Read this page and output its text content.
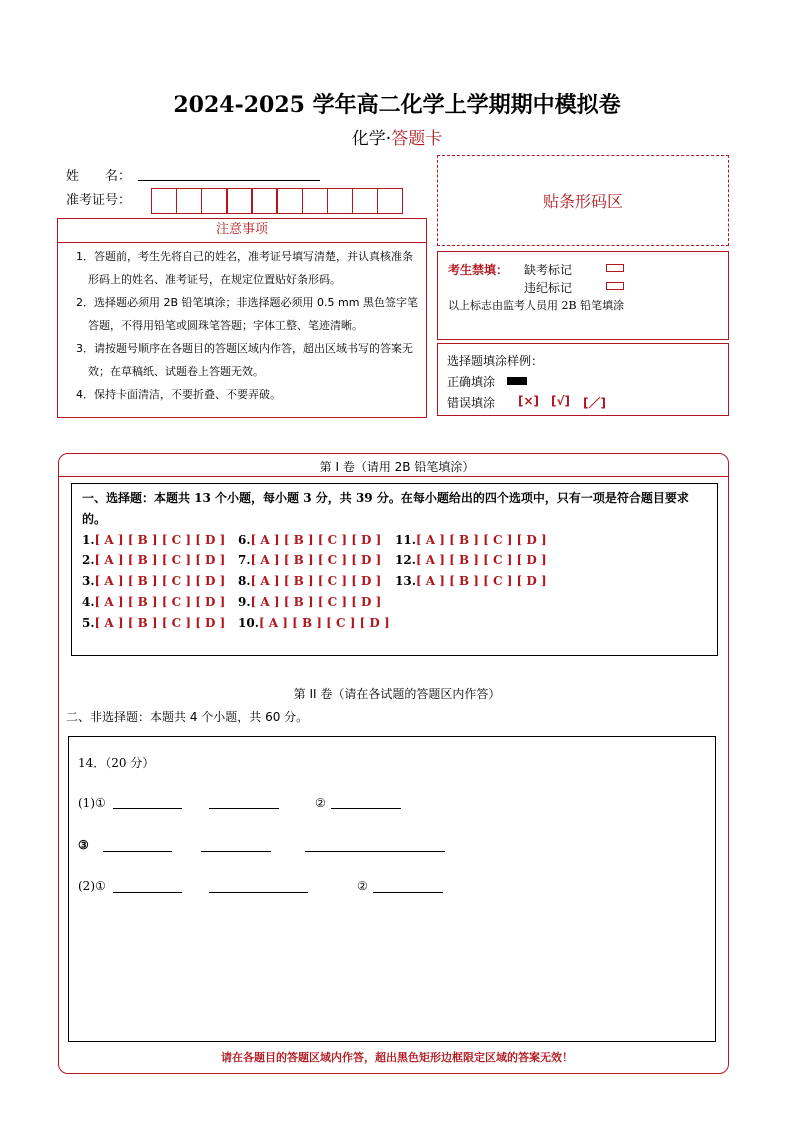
2024-2025 学年高二化学上学期期中模拟卷
化学·答题卡
姓　　名：
准考证号：	贴条形码区
注意事项

1．答题前，考生先将自己的姓名，准考证号填写清楚，并认真核准条形码上的姓名、准考证号，在规定位置贴好条形码。

2．选择题必须用 2B 铅笔填涂；非选择题必须用 0.5 mm 黑色签字笔答题，不得用铅笔或圆珠笔答题；字体工整、笔迹清晰。

3．请按题号顺序在各题目的答题区域内作答，超出区域书写的答案无效；在草稿纸、试题卷上答题无效。

4．保持卡面清洁，不要折叠、不要弄破。

考生禁填： 缺考标记
违纪标记
以上标志由监考人员用 2B 铅笔填涂
选择题填涂样例：
正确填涂
错误填涂 [×] [√] [／]
第 I 卷（请用 2B 铅笔填涂）
一、选择题：本题共 13 个小题，每小题 3 分，共 39 分。在每小题给出的四个选项中，只有一项是符合题目要求的。
1.[ A ] [ B ] [ C ] [ D ]
2.[ A ] [ B ] [ C ] [ D ]
3.[ A ] [ B ] [ C ] [ D ]
4.[ A ] [ B ] [ C ] [ D ]
5.[ A ] [ B ] [ C ] [ D ]
6.[ A ] [ B ] [ C ] [ D ]
7.[ A ] [ B ] [ C ] [ D ]
8.[ A ] [ B ] [ C ] [ D ]
9.[ A ] [ B ] [ C ] [ D ]
10.[ A ] [ B ] [ C ] [ D ]
11.[ A ] [ B ] [ C ] [ D ]
12.[ A ] [ B ] [ C ] [ D ]
13.[ A ] [ B ] [ C ] [ D ]
第 II 卷（请在各试题的答题区内作答）
二、非选择题：本题共 4 个小题，共 60 分。
14．（20 分）
(1)①	②
③
(2)①	②
请在各题目的答题区域内作答，超出黑色矩形边框限定区域的答案无效！
